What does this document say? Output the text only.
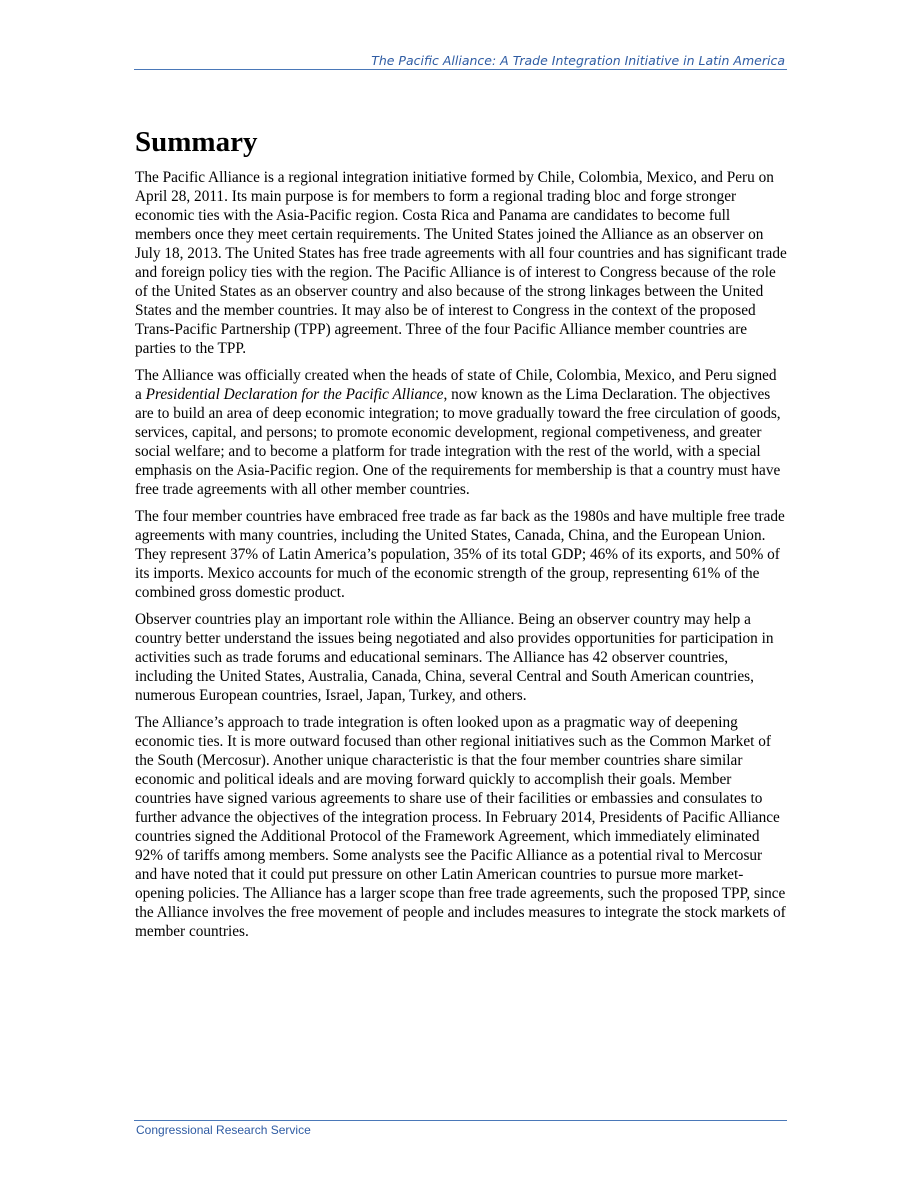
The Pacific Alliance: A Trade Integration Initiative in Latin America
Summary

The Pacific Alliance is a regional integration initiative formed by Chile, Colombia, Mexico, and Peru on April 28, 2011. Its main purpose is for members to form a regional trading bloc and forge stronger economic ties with the Asia-Pacific region. Costa Rica and Panama are candidates to become full members once they meet certain requirements. The United States joined the Alliance as an observer on July 18, 2013. The United States has free trade agreements with all four countries and has significant trade and foreign policy ties with the region. The Pacific Alliance is of interest to Congress because of the role of the United States as an observer country and also because of the strong linkages between the United States and the member countries. It may also be of interest to Congress in the context of the proposed Trans-Pacific Partnership (TPP) agreement. Three of the four Pacific Alliance member countries are parties to the TPP.

The Alliance was officially created when the heads of state of Chile, Colombia, Mexico, and Peru signed a Presidential Declaration for the Pacific Alliance, now known as the Lima Declaration. The objectives are to build an area of deep economic integration; to move gradually toward the free circulation of goods, services, capital, and persons; to promote economic development, regional competiveness, and greater social welfare; and to become a platform for trade integration with the rest of the world, with a special emphasis on the Asia-Pacific region. One of the requirements for membership is that a country must have free trade agreements with all other member countries.

The four member countries have embraced free trade as far back as the 1980s and have multiple free trade agreements with many countries, including the United States, Canada, China, and the European Union. They represent 37% of Latin America’s population, 35% of its total GDP; 46% of its exports, and 50% of its imports. Mexico accounts for much of the economic strength of the group, representing 61% of the combined gross domestic product.

Observer countries play an important role within the Alliance. Being an observer country may help a country better understand the issues being negotiated and also provides opportunities for participation in activities such as trade forums and educational seminars. The Alliance has 42 observer countries, including the United States, Australia, Canada, China, several Central and South American countries, numerous European countries, Israel, Japan, Turkey, and others.

The Alliance’s approach to trade integration is often looked upon as a pragmatic way of deepening economic ties. It is more outward focused than other regional initiatives such as the Common Market of the South (Mercosur). Another unique characteristic is that the four member countries share similar economic and political ideals and are moving forward quickly to accomplish their goals. Member countries have signed various agreements to share use of their facilities or embassies and consulates to further advance the objectives of the integration process. In February 2014, Presidents of Pacific Alliance countries signed the Additional Protocol of the Framework Agreement, which immediately eliminated 92% of tariffs among members. Some analysts see the Pacific Alliance as a potential rival to Mercosur and have noted that it could put pressure on other Latin American countries to pursue more market-opening policies. The Alliance has a larger scope than free trade agreements, such the proposed TPP, since the Alliance involves the free movement of people and includes measures to integrate the stock markets of member countries.

Congressional Research Service
